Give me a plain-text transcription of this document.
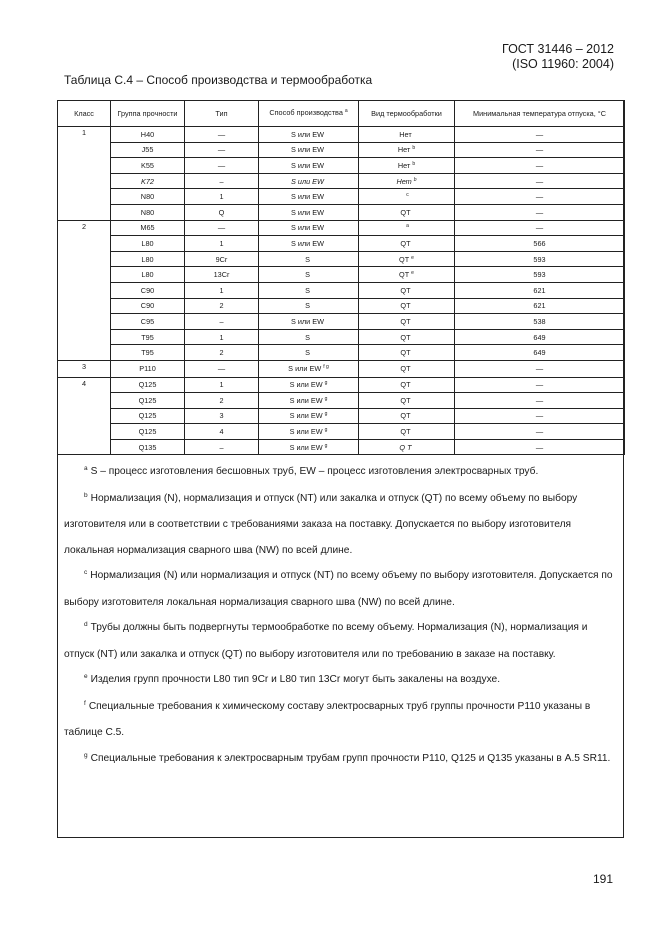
ГОСТ 31446 – 2012
(ISO 11960: 2004)
Таблица С.4 – Способ производства и термообработка
Класс	Группа прочности	Тип	Способ производства $^a$	Вид термообработки	Минимальная температура отпуска, °С
1	H40	—	S или EW	Нет	—
	J55	—	S или EW	Нет $^b$	—
	K55	—	S или EW	Нет $^b$	—
	K72	–	S или EW	Нет $^b$	—
	N80	1	S или EW	$^c$	—
	N80	Q	S или EW	QT	—
2	M65	—	S или EW	$^a$	—
	L80	1	S или EW	QT	566
	L80	9Cr	S	QT $^e$	593
	L80	13Cr	S	QT $^e$	593
	C90	1	S	QT	621
	C90	2	S	QT	621
	C95	–	S или EW	QT	538
	T95	1	S	QT	649
	T95	2	S	QT	649
3	P110	—	S или EW $^{f g}$	QT	—
4	Q125	1	S или EW $^g$	QT	—
	Q125	2	S или EW $^g$	QT	—
	Q125	3	S или EW $^g$	QT	—
	Q125	4	S или EW $^g$	QT	—
	Q135	–	S или EW $^g$	Q T	—

$^a$ S – процесс изготовления бесшовных труб, EW – процесс изготовления электросварных труб.

$^b$ Нормализация (N), нормализация и отпуск (NT) или закалка и отпуск (QT) по всему объему по выбору изготовителя или в соответствии с требованиями заказа на поставку. Допускается по выбору изготовителя локальная нормализация сварного шва (NW) по всей длине.

$^c$ Нормализация (N) или нормализация и отпуск (NT) по всему объему по выбору изготовителя. Допускается по выбору изготовителя локальная нормализация сварного шва (NW) по всей длине.

$^d$ Трубы должны быть подвергнуты термообработке по всему объему. Нормализация (N), нормализация и отпуск (NT) или закалка и отпуск (QT) по выбору изготовителя или по требованию в заказе на поставку.

$^e$ Изделия групп прочности L80 тип 9Cr и L80 тип 13Cr могут быть закалены на воздухе.

$^f$ Специальные требования к химическому составу электросварных труб группы прочности P110 указаны в таблице С.5.

$^g$ Специальные требования к электросварным трубам групп прочности P110, Q125 и Q135 указаны в А.5 SR11.

191
